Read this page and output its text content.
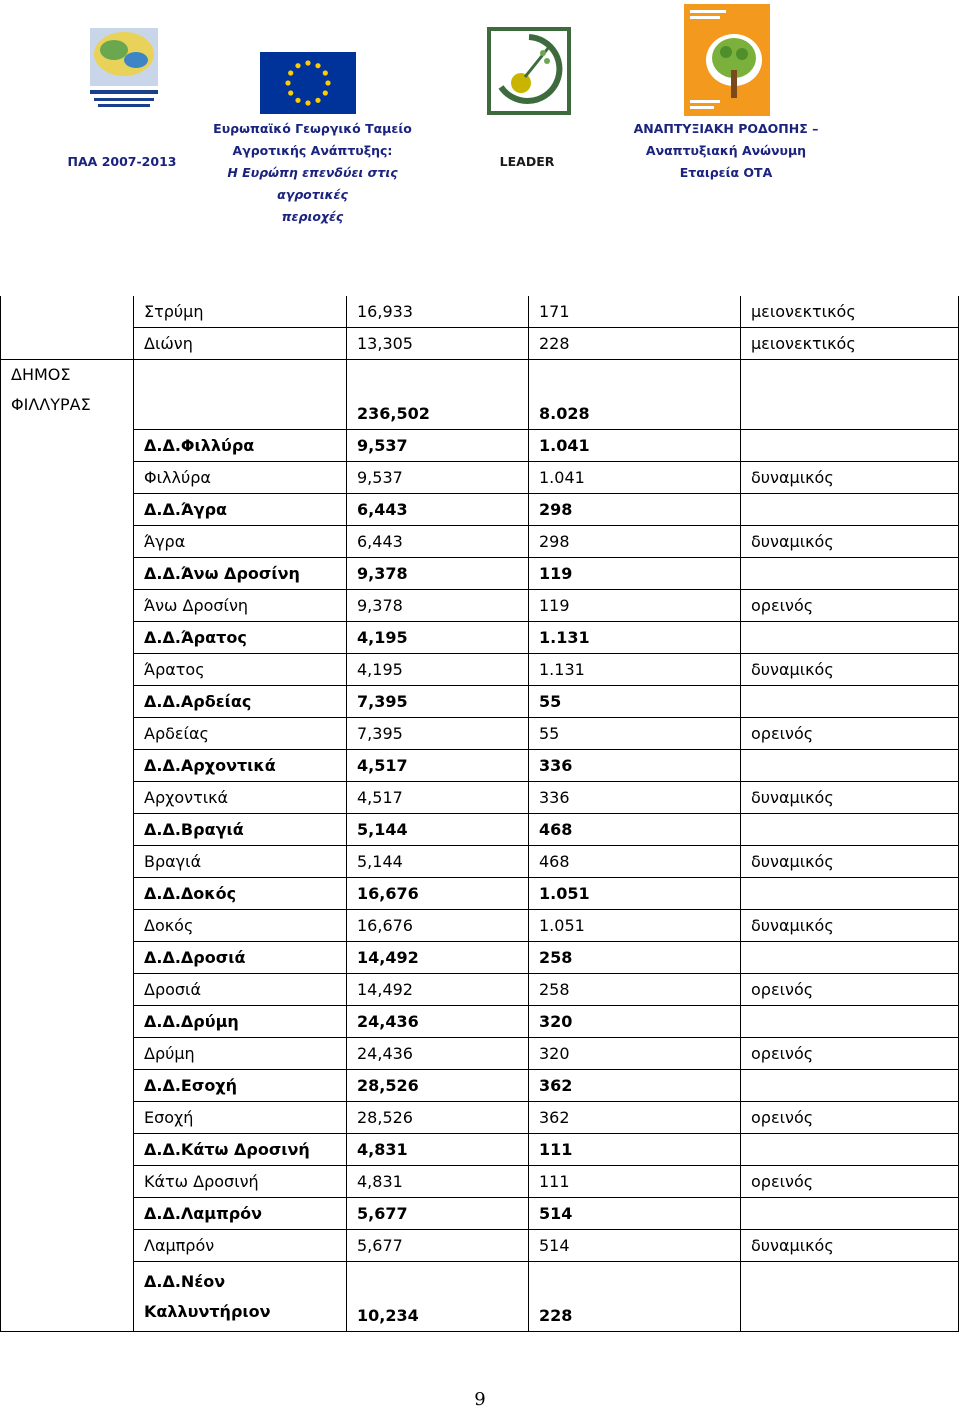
ΠΑΑ 2007-2013
Ευρωπαϊκό Γεωργικό Ταμείο
Αγροτικής Ανάπτυξης:
Η Ευρώπη επενδύει στις αγροτικές
περιοχές
LEADER
ΑΝΑΠΤΥΞΙΑΚΗ ΡΟΔΟΠΗΣ –
Αναπτυξιακή Ανώνυμη
Εταιρεία ΟΤΑ
	Στρύμη	16,933	171	μειονεκτικός
	Διώνη	13,305	228	μειονεκτικός

ΔΗΜΟΣ
ΦΙΛΛΥΡΑΣ		236,502	8.028	
	Δ.Δ.Φιλλύρα	9,537	1.041	
	Φιλλύρα	9,537	1.041	δυναμικός
	Δ.Δ.Άγρα	6,443	298	
	Άγρα	6,443	298	δυναμικός
	Δ.Δ.Άνω Δροσίνη	9,378	119	
	Άνω Δροσίνη	9,378	119	ορεινός
	Δ.Δ.Άρατος	4,195	1.131	
	Άρατος	4,195	1.131	δυναμικός
	Δ.Δ.Αρδείας	7,395	55	
	Αρδείας	7,395	55	ορεινός
	Δ.Δ.Αρχοντικά	4,517	336	
	Αρχοντικά	4,517	336	δυναμικός
	Δ.Δ.Βραγιά	5,144	468	
	Βραγιά	5,144	468	δυναμικός
	Δ.Δ.Δοκός	16,676	1.051	
	Δοκός	16,676	1.051	δυναμικός
	Δ.Δ.Δροσιά	14,492	258	
	Δροσιά	14,492	258	ορεινός
	Δ.Δ.Δρύμη	24,436	320	
	Δρύμη	24,436	320	ορεινός
	Δ.Δ.Εσοχή	28,526	362	
	Εσοχή	28,526	362	ορεινός
	Δ.Δ.Κάτω Δροσινή	4,831	111	
	Κάτω Δροσινή	4,831	111	ορεινός
	Δ.Δ.Λαμπρόν	5,677	514	
	Λαμπρόν	5,677	514	δυναμικός

	Δ.Δ.Νέον
Καλλυντήριον	10,234	228	
9
